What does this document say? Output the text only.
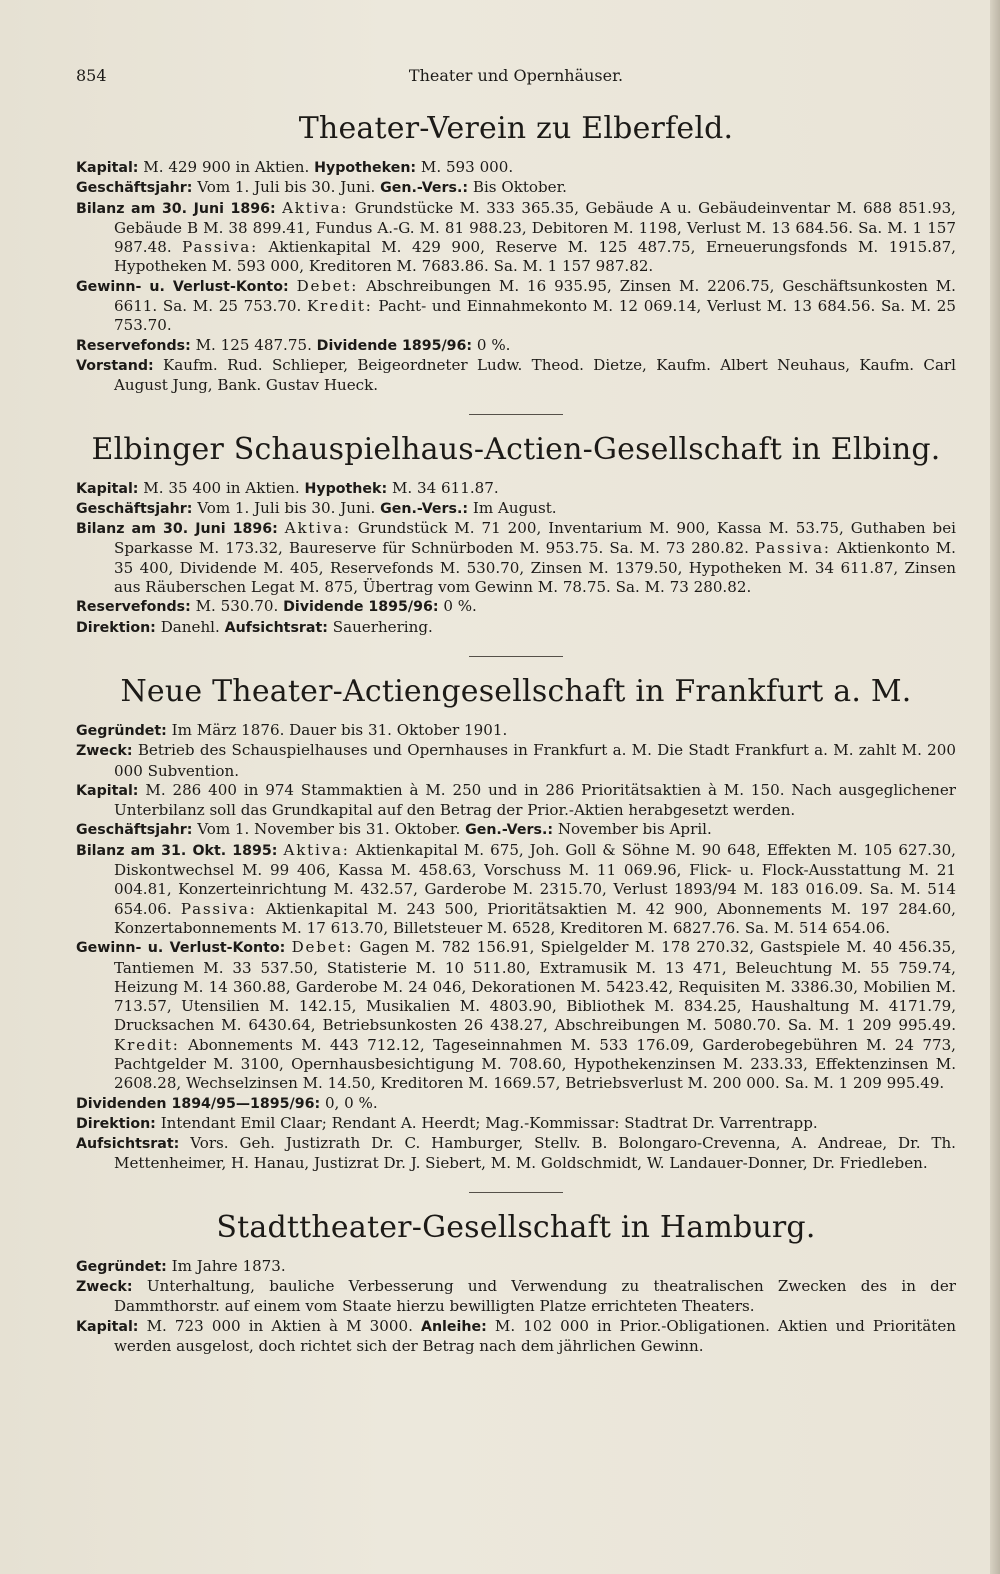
854	Theater und Opernhäuser.
Theater-Verein zu Elberfeld.

Kapital: M. 429 900 in Aktien. Hypotheken: M. 593 000.

Geschäftsjahr: Vom 1. Juli bis 30. Juni. Gen.-Vers.: Bis Oktober.

Bilanz am 30. Juni 1896: Aktiva: Grundstücke M. 333 365.35, Gebäude A u. Gebäudeinventar M. 688 851.93, Gebäude B M. 38 899.41, Fundus A.-G. M. 81 988.23, Debitoren M. 1198, Verlust M. 13 684.56. Sa. M. 1 157 987.48. Passiva: Aktienkapital M. 429 900, Reserve M. 125 487.75, Erneuerungsfonds M. 1915.87, Hypotheken M. 593 000, Kreditoren M. 7683.86. Sa. M. 1 157 987.82.

Gewinn- u. Verlust-Konto: Debet: Abschreibungen M. 16 935.95, Zinsen M. 2206.75, Geschäftsunkosten M. 6611. Sa. M. 25 753.70. Kredit: Pacht- und Einnahmekonto M. 12 069.14, Verlust M. 13 684.56. Sa. M. 25 753.70.

Reservefonds: M. 125 487.75. Dividende 1895/96: 0 %.

Vorstand: Kaufm. Rud. Schlieper, Beigeordneter Ludw. Theod. Dietze, Kaufm. Albert Neuhaus, Kaufm. Carl August Jung, Bank. Gustav Hueck.

Elbinger Schauspielhaus-Actien-Gesellschaft in Elbing.

Kapital: M. 35 400 in Aktien. Hypothek: M. 34 611.87.

Geschäftsjahr: Vom 1. Juli bis 30. Juni. Gen.-Vers.: Im August.

Bilanz am 30. Juni 1896: Aktiva: Grundstück M. 71 200, Inventarium M. 900, Kassa M. 53.75, Guthaben bei Sparkasse M. 173.32, Baureserve für Schnürboden M. 953.75. Sa. M. 73 280.82. Passiva: Aktienkonto M. 35 400, Dividende M. 405, Reservefonds M. 530.70, Zinsen M. 1379.50, Hypotheken M. 34 611.87, Zinsen aus Räuberschen Legat M. 875, Übertrag vom Gewinn M. 78.75. Sa. M. 73 280.82.

Reservefonds: M. 530.70. Dividende 1895/96: 0 %.

Direktion: Danehl. Aufsichtsrat: Sauerhering.

Neue Theater-Actiengesellschaft in Frankfurt a. M.

Gegründet: Im März 1876. Dauer bis 31. Oktober 1901.

Zweck: Betrieb des Schauspielhauses und Opernhauses in Frankfurt a. M. Die Stadt Frankfurt a. M. zahlt M. 200 000 Subvention.

Kapital: M. 286 400 in 974 Stammaktien à M. 250 und in 286 Prioritätsaktien à M. 150. Nach ausgeglichener Unterbilanz soll das Grundkapital auf den Betrag der Prior.-Aktien herabgesetzt werden.

Geschäftsjahr: Vom 1. November bis 31. Oktober. Gen.-Vers.: November bis April.

Bilanz am 31. Okt. 1895: Aktiva: Aktienkapital M. 675, Joh. Goll & Söhne M. 90 648, Effekten M. 105 627.30, Diskontwechsel M. 99 406, Kassa M. 458.63, Vorschuss M. 11 069.96, Flick- u. Flock-Ausstattung M. 21 004.81, Konzerteinrichtung M. 432.57, Garderobe M. 2315.70, Verlust 1893/94 M. 183 016.09. Sa. M. 514 654.06. Passiva: Aktienkapital M. 243 500, Prioritätsaktien M. 42 900, Abonnements M. 197 284.60, Konzertabonnements M. 17 613.70, Billetsteuer M. 6528, Kreditoren M. 6827.76. Sa. M. 514 654.06.

Gewinn- u. Verlust-Konto: Debet: Gagen M. 782 156.91, Spielgelder M. 178 270.32, Gastspiele M. 40 456.35, Tantiemen M. 33 537.50, Statisterie M. 10 511.80, Extramusik M. 13 471, Beleuchtung M. 55 759.74, Heizung M. 14 360.88, Garderobe M. 24 046, Dekorationen M. 5423.42, Requisiten M. 3386.30, Mobilien M. 713.57, Utensilien M. 142.15, Musikalien M. 4803.90, Bibliothek M. 834.25, Haushaltung M. 4171.79, Drucksachen M. 6430.64, Betriebsunkosten 26 438.27, Abschreibungen M. 5080.70. Sa. M. 1 209 995.49. Kredit: Abonnements M. 443 712.12, Tageseinnahmen M. 533 176.09, Garderobegebühren M. 24 773, Pachtgelder M. 3100, Opernhausbesichtigung M. 708.60, Hypothekenzinsen M. 233.33, Effektenzinsen M. 2608.28, Wechselzinsen M. 14.50, Kreditoren M. 1669.57, Betriebsverlust M. 200 000. Sa. M. 1 209 995.49.

Dividenden 1894/95—1895/96: 0, 0 %.

Direktion: Intendant Emil Claar; Rendant A. Heerdt; Mag.-Kommissar: Stadtrat Dr. Varrentrapp.

Aufsichtsrat: Vors. Geh. Justizrath Dr. C. Hamburger, Stellv. B. Bolongaro-Crevenna, A. Andreae, Dr. Th. Mettenheimer, H. Hanau, Justizrat Dr. J. Siebert, M. M. Goldschmidt, W. Landauer-Donner, Dr. Friedleben.

Stadttheater-Gesellschaft in Hamburg.

Gegründet: Im Jahre 1873.

Zweck: Unterhaltung, bauliche Verbesserung und Verwendung zu theatralischen Zwecken des in der Dammthorstr. auf einem vom Staate hierzu bewilligten Platze errichteten Theaters.

Kapital: M. 723 000 in Aktien à M 3000. Anleihe: M. 102 000 in Prior.-Obligationen. Aktien und Prioritäten werden ausgelost, doch richtet sich der Betrag nach dem jährlichen Gewinn.
